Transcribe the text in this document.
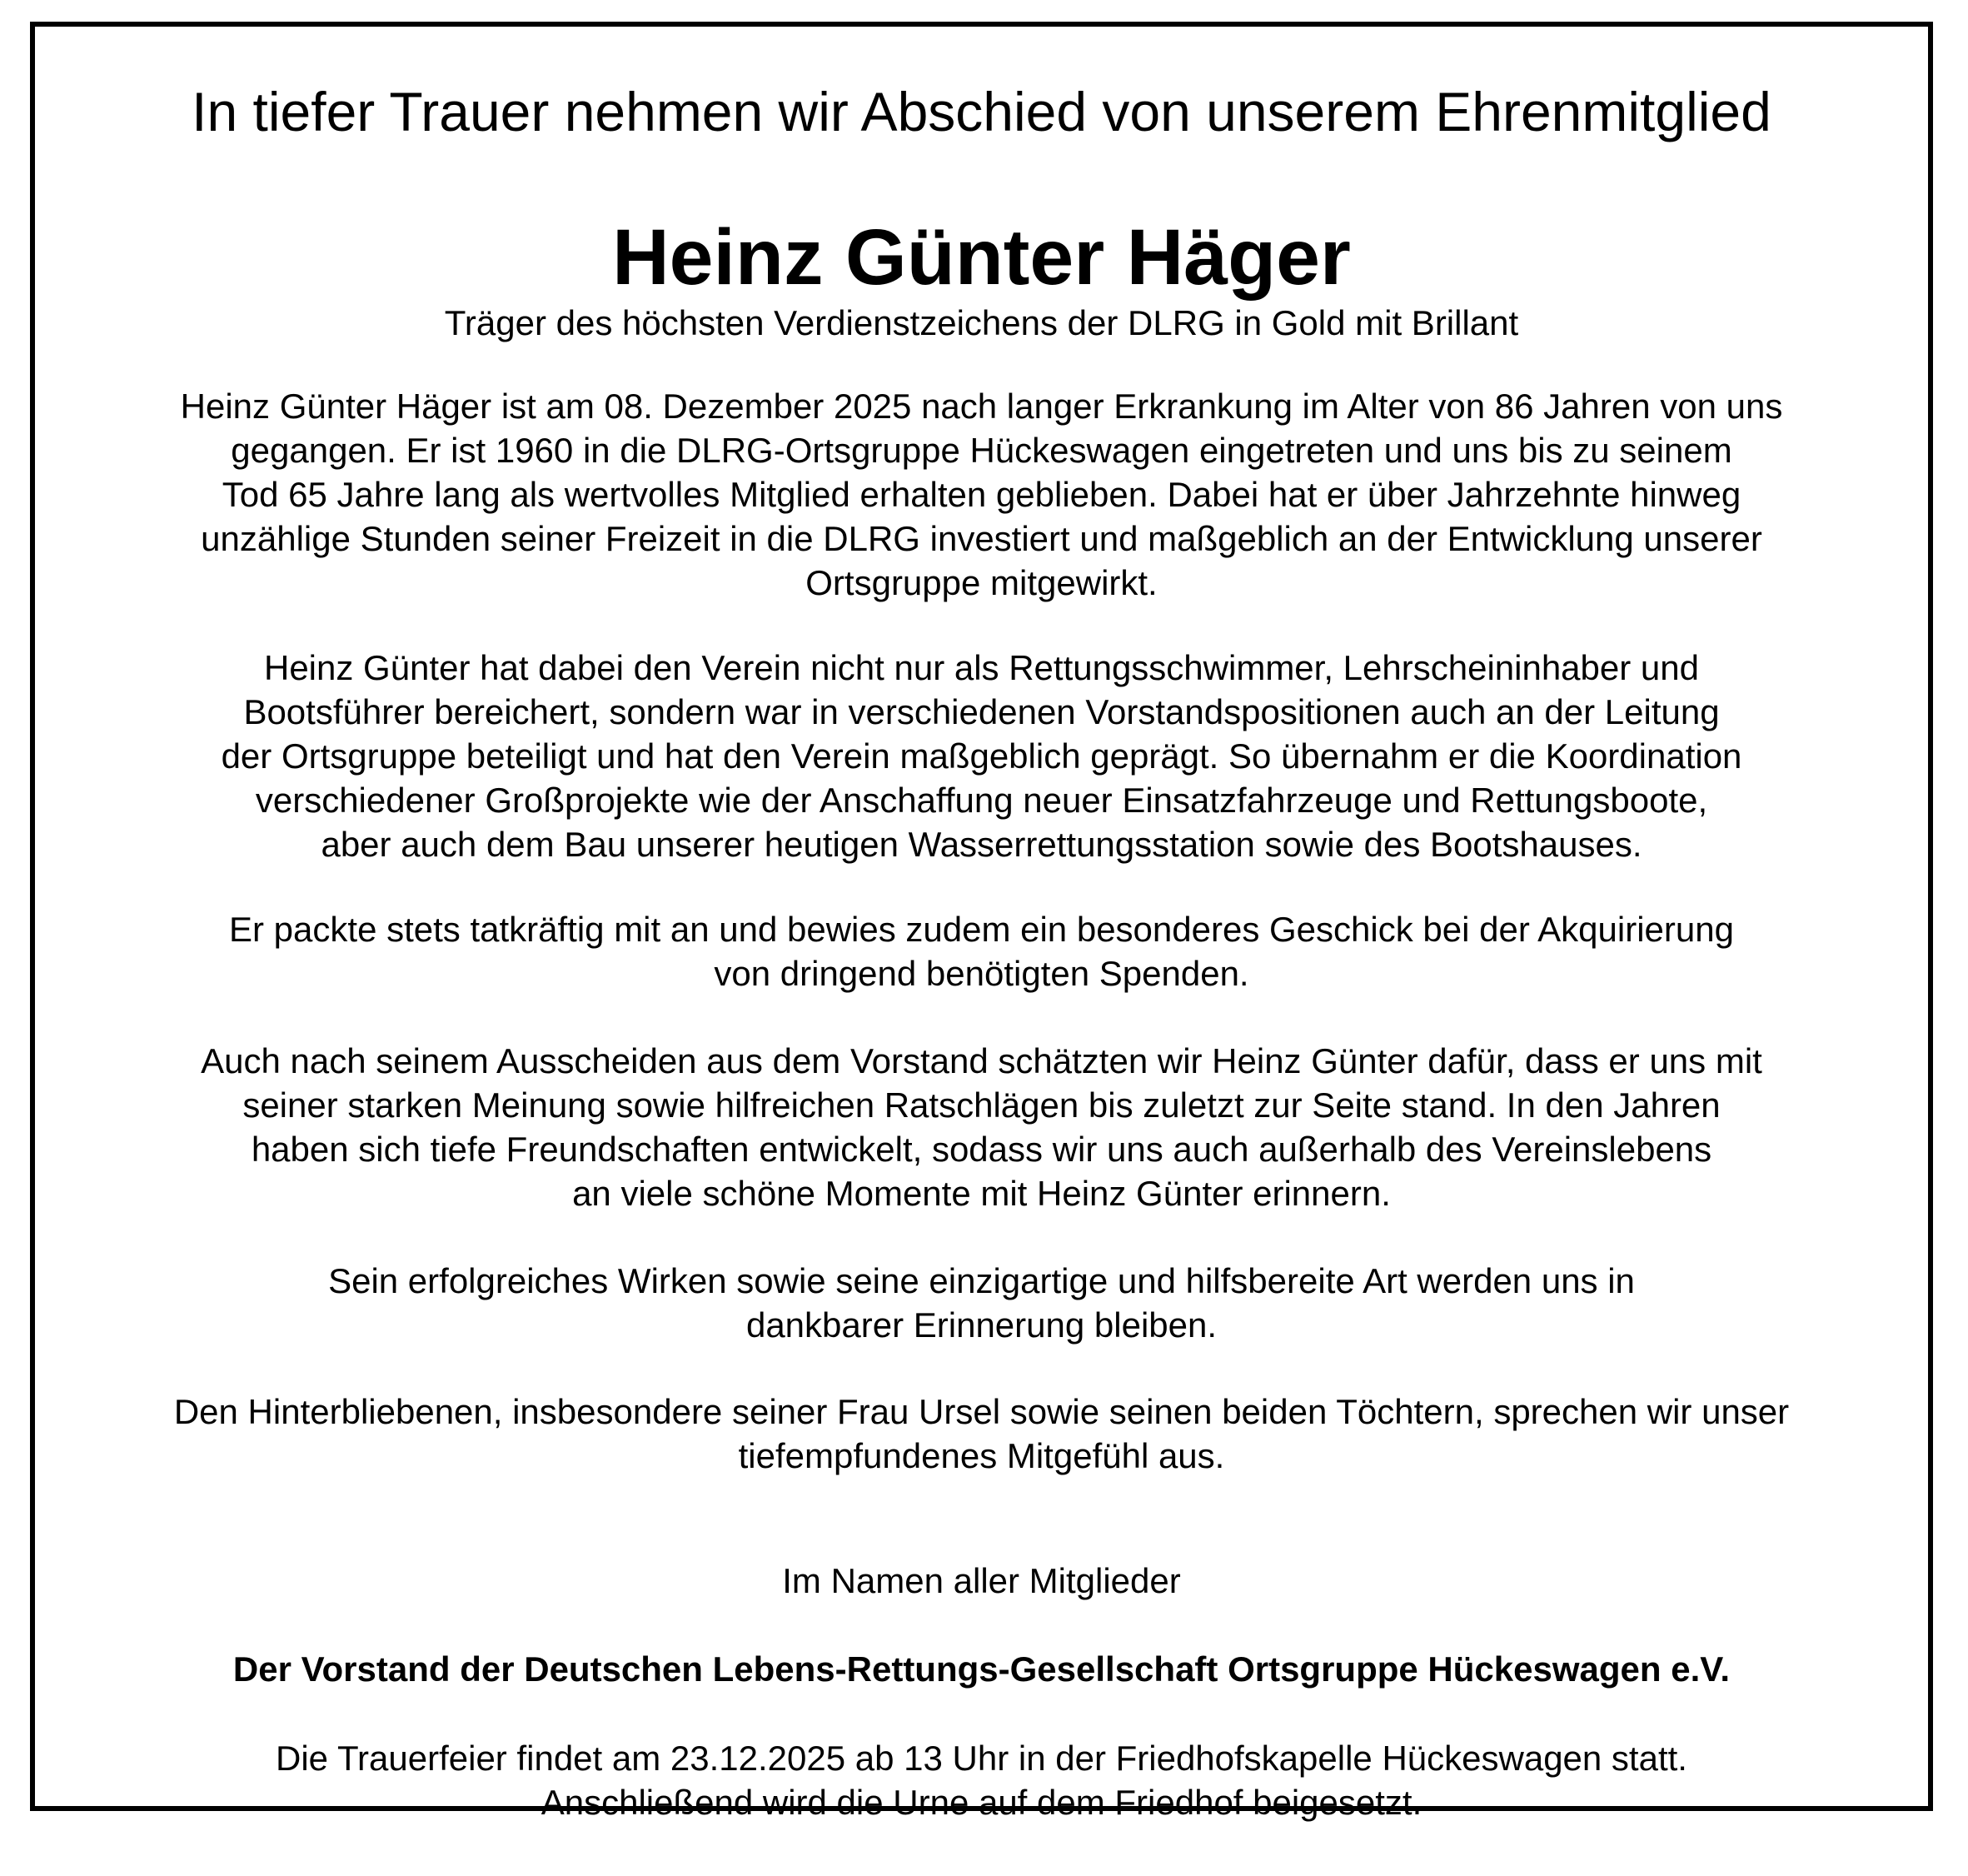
In tiefer Trauer nehmen wir Abschied von unserem Ehrenmitglied
Heinz Günter Häger

Träger des höchsten Verdienstzeichens der DLRG in Gold mit Brillant

Heinz Günter Häger ist am 08. Dezember 2025 nach langer Erkrankung im Alter von 86 Jahren von uns
gegangen. Er ist 1960 in die DLRG-Ortsgruppe Hückeswagen eingetreten und uns bis zu seinem
Tod 65 Jahre lang als wertvolles Mitglied erhalten geblieben. Dabei hat er über Jahrzehnte hinweg
unzählige Stunden seiner Freizeit in die DLRG investiert und maßgeblich an der Entwicklung unserer
Ortsgruppe mitgewirkt.

Heinz Günter hat dabei den Verein nicht nur als Rettungsschwimmer, Lehrscheininhaber und
Bootsführer bereichert, sondern war in verschiedenen Vorstandspositionen auch an der Leitung
der Ortsgruppe beteiligt und hat den Verein maßgeblich geprägt. So übernahm er die Koordination
verschiedener Großprojekte wie der Anschaffung neuer Einsatzfahrzeuge und Rettungsboote,
aber auch dem Bau unserer heutigen Wasserrettungsstation sowie des Bootshauses.

Er packte stets tatkräftig mit an und bewies zudem ein besonderes Geschick bei der Akquirierung
von dringend benötigten Spenden.

Auch nach seinem Ausscheiden aus dem Vorstand schätzten wir Heinz Günter dafür, dass er uns mit
seiner starken Meinung sowie hilfreichen Ratschlägen bis zuletzt zur Seite stand. In den Jahren
haben sich tiefe Freundschaften entwickelt, sodass wir uns auch außerhalb des Vereinslebens
an viele schöne Momente mit Heinz Günter erinnern.

Sein erfolgreiches Wirken sowie seine einzigartige und hilfsbereite Art werden uns in
dankbarer Erinnerung bleiben.

Den Hinterbliebenen, insbesondere seiner Frau Ursel sowie seinen beiden Töchtern, sprechen wir unser
tiefempfundenes Mitgefühl aus.

Im Namen aller Mitglieder

Der Vorstand der Deutschen Lebens-Rettungs-Gesellschaft Ortsgruppe Hückeswagen e.V.

Die Trauerfeier findet am 23.12.2025 ab 13 Uhr in der Friedhofskapelle Hückeswagen statt.
Anschließend wird die Urne auf dem Friedhof beigesetzt.
